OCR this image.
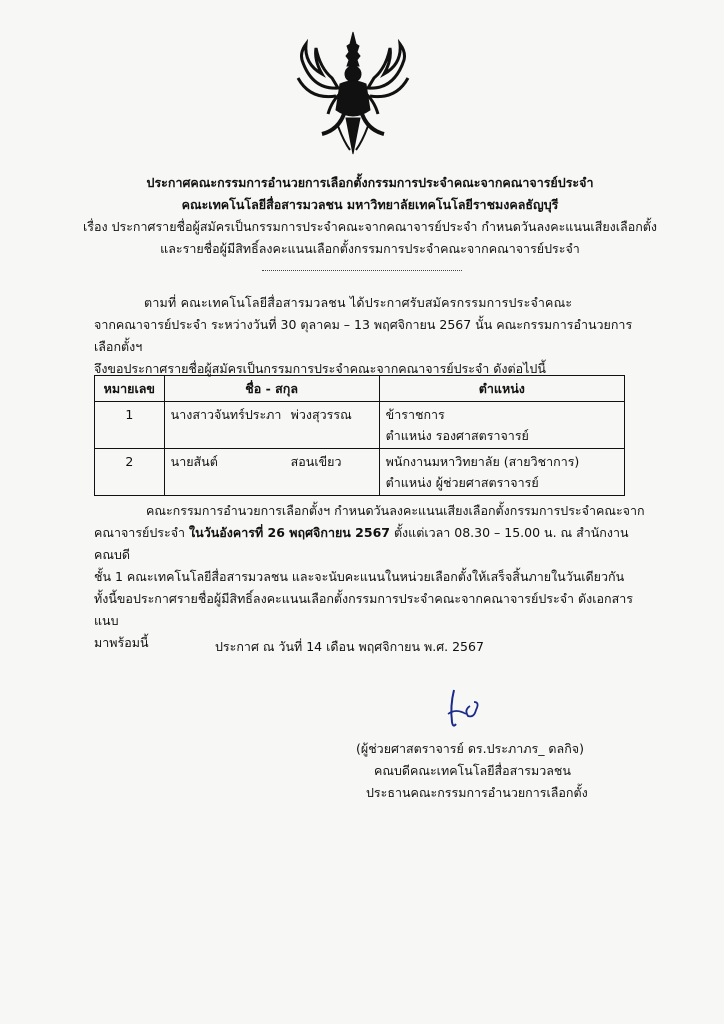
ประกาศคณะกรรมการอำนวยการเลือกตั้งกรรมการประจำคณะจากคณาจารย์ประจำ
คณะเทคโนโลยีสื่อสารมวลชน มหาวิทยาลัยเทคโนโลยีราชมงคลธัญบุรี
เรื่อง ประกาศรายชื่อผู้สมัครเป็นกรรมการประจำคณะจากคณาจารย์ประจำ กำหนดวันลงคะแนนเสียงเลือกตั้ง
และรายชื่อผู้มีสิทธิ์ลงคะแนนเลือกตั้งกรรมการประจำคณะจากคณาจารย์ประจำ
ตามที่ คณะเทคโนโลยีสื่อสารมวลชน ได้ประกาศรับสมัครกรรมการประจำคณะ
จากคณาจารย์ประจำ ระหว่างวันที่ 30 ตุลาคม – 13 พฤศจิกายน 2567 นั้น คณะกรรมการอำนวยการเลือกตั้งฯ
จึงขอประกาศรายชื่อผู้สมัครเป็นกรรมการประจำคณะจากคณาจารย์ประจำ ดังต่อไปนี้
หมายเลข	ชื่อ - สกุล	ตำแหน่ง
1	นางสาวจันทร์ประภา พ่วงสุวรรณ	ข้าราชการ
ตำแหน่ง รองศาสตราจารย์

2	นายสันต์ สอนเขียว	พนักงานมหาวิทยาลัย (สายวิชาการ)
ตำแหน่ง ผู้ช่วยศาสตราจารย์
คณะกรรมการอำนวยการเลือกตั้งฯ กำหนดวันลงคะแนนเสียงเลือกตั้งกรรมการประจำคณะจาก
คณาจารย์ประจำ ในวันอังคารที่ 26 พฤศจิกายน 2567 ตั้งแต่เวลา 08.30 – 15.00 น. ณ สำนักงานคณบดี
ชั้น 1 คณะเทคโนโลยีสื่อสารมวลชน และจะนับคะแนนในหน่วยเลือกตั้งให้เสร็จสิ้นภายในวันเดียวกัน
ทั้งนี้ขอประกาศรายชื่อผู้มีสิทธิ์ลงคะแนนเลือกตั้งกรรมการประจำคณะจากคณาจารย์ประจำ ดังเอกสารแนบ
มาพร้อมนี้	ประกาศ ณ วันที่ 14 เดือน พฤศจิกายน พ.ศ. 2567
(ผู้ช่วยศาสตราจารย์ ดร.ประภาภร_ ดลกิจ)
คณบดีคณะเทคโนโลยีสื่อสารมวลชน
ประธานคณะกรรมการอำนวยการเลือกตั้ง
